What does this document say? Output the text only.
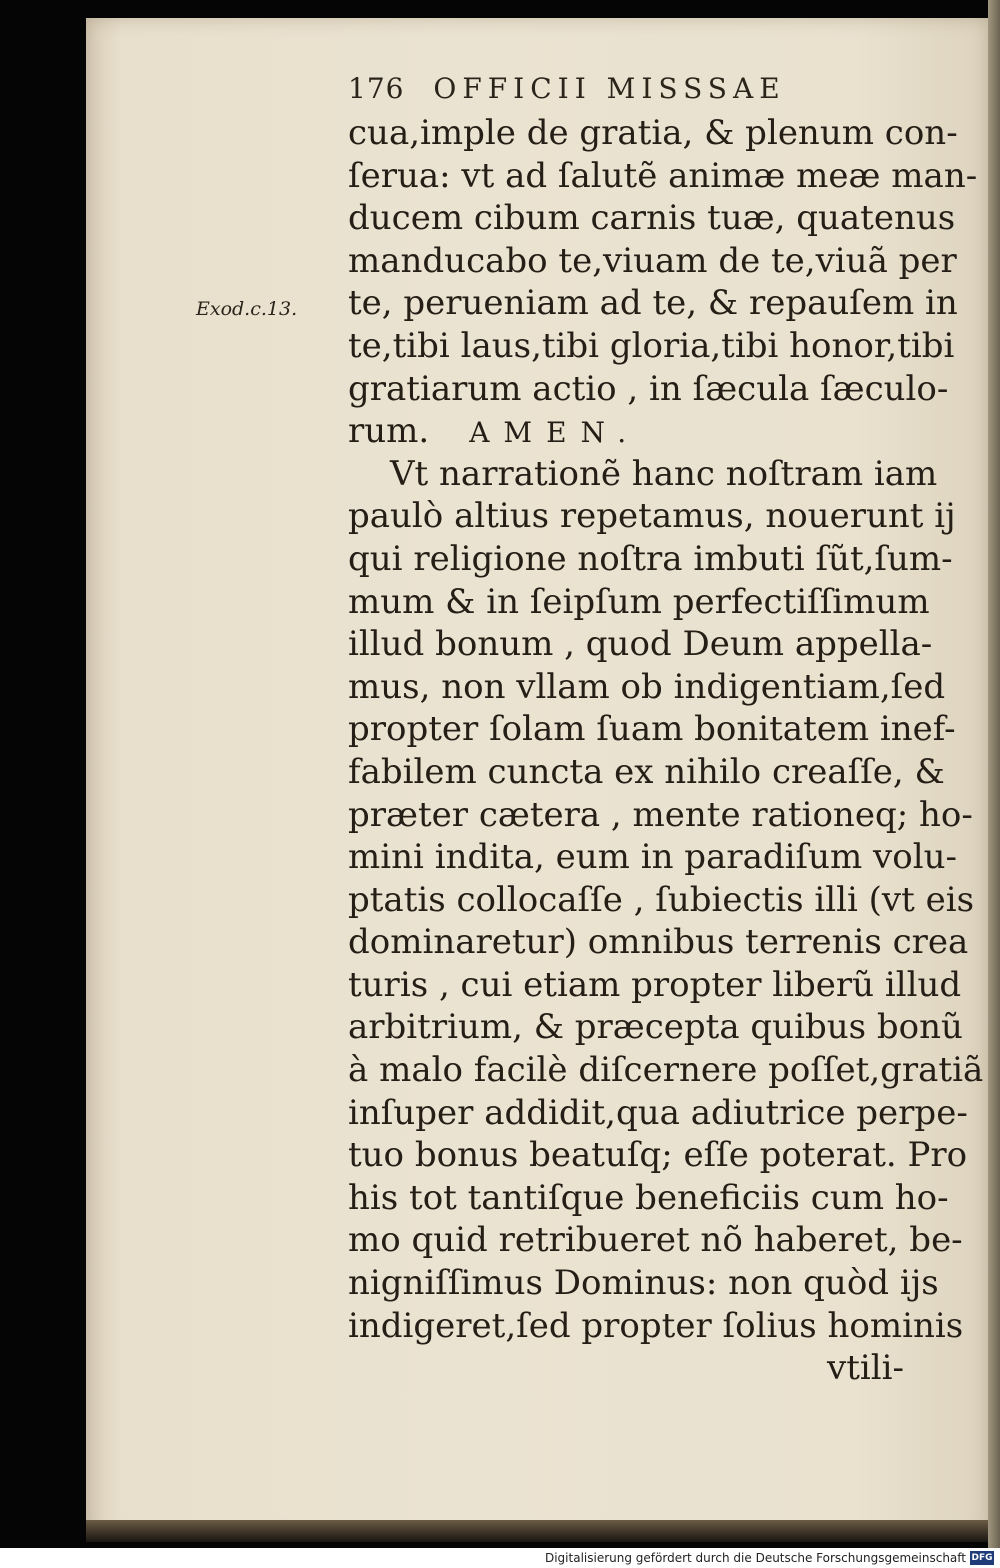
176 OFFICII MISSSAE
Exod.c.13.
cua,imple de gratia, & plenum con-
ſerua: vt ad ſalutẽ animæ meæ man-
ducem cibum carnis tuæ, quatenus
manducabo te,viuam de te,viuã per
te, perueniam ad te, & repauſem in
te,tibi laus,tibi gloria,tibi honor,tibi
gratiarum actio , in ſæcula ſæculo-
rum. AMEN.
Vt narrationẽ hanc noſtram iam
paulò altius repetamus, nouerunt ij
qui religione noſtra imbuti ſũt,ſum-
mum & in ſeipſum perfectiſſimum
illud bonum , quod Deum appella-
mus, non vllam ob indigentiam,ſed
propter ſolam ſuam bonitatem inef-
fabilem cuncta ex nihilo creaſſe, &
præter cætera , mente rationeq; ho-
mini indita, eum in paradiſum volu-
ptatis collocaſſe , ſubiectis illi (vt eis
dominaretur) omnibus terrenis crea
turis , cui etiam propter liberũ illud
arbitrium, & præcepta quibus bonũ
à malo facilè diſcernere poſſet,gratiã
inſuper addidit,qua adiutrice perpe-
tuo bonus beatuſq; eſſe poterat. Pro
his tot tantiſque beneficiis cum ho-
mo quid retribueret nõ haberet, be-
nigniſſimus Dominus: non quòd ijs
indigeret,ſed propter ſolius hominis
vtili-
Digitalisierung gefördert durch die Deutsche Forschungsgemeinschaft DFG
